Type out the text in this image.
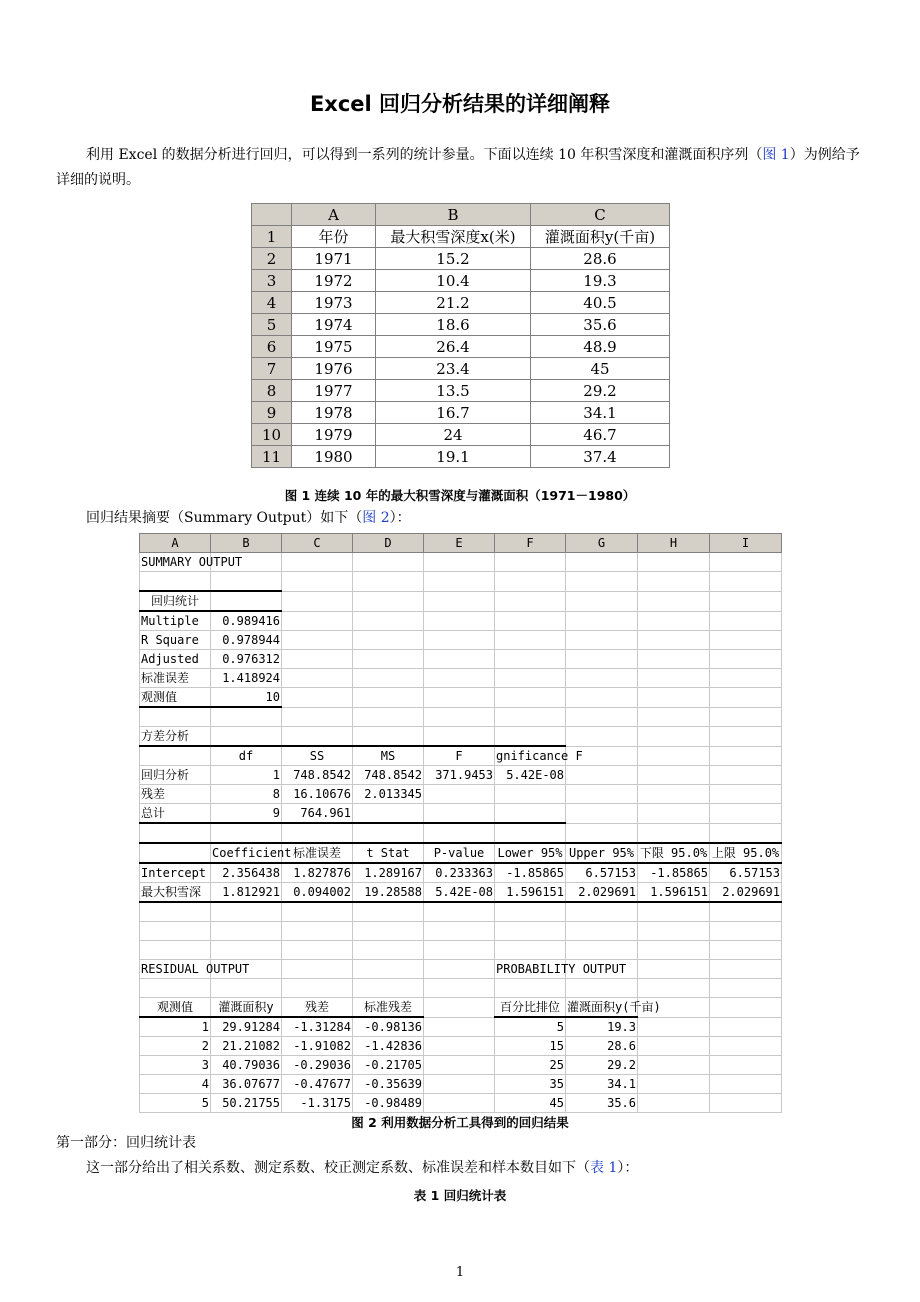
Excel 回归分析结果的详细阐释
利用 Excel 的数据分析进行回归，可以得到一系列的统计参量。下面以连续 10 年积雪深度和灌溉面积序列（图 1）为例给予详细的说明。
	A	B	C
1	年份	最大积雪深度x(米)	灌溉面积y(千亩)
2	1971	15.2	28.6
3	1972	10.4	19.3
4	1973	21.2	40.5
5	1974	18.6	35.6
6	1975	26.4	48.9
7	1976	23.4	45
8	1977	13.5	29.2
9	1978	16.7	34.1
10	1979	24	46.7
11	1980	19.1	37.4
图 1 连续 10 年的最大积雪深度与灌溉面积（1971－1980）
回归结果摘要（Summary Output）如下（图 2）：
A	B	C	D	E	F	G	H	I
SUMMARY OUTPUT								

回归统计								
Multiple	0.989416							
R Square	0.978944							
Adjusted	0.976312							
标准误差	1.418924							
观测值	10							

方差分析								
	df	SS	MS	F	gnificance F			
回归分析	1	748.8542	748.8542	371.9453	5.42E-08			
残差	8	16.10676	2.013345					
总计	9	764.961						

	Coefficient	标准误差	t Stat	P-value	Lower 95%	Upper 95%	下限 95.0%	上限 95.0%
Intercept	2.356438	1.827876	1.289167	0.233363	-1.85865	6.57153	-1.85865	6.57153
最大积雪深	1.812921	0.094002	19.28588	5.42E-08	1.596151	2.029691	1.596151	2.029691

RESIDUAL OUTPUT					PROBABILITY OUTPUT			

观测值	灌溉面积y	残差	标准残差		百分比排位	灌溉面积y(千亩)		
1	29.91284	-1.31284	-0.98136		5	19.3		
2	21.21082	-1.91082	-1.42836		15	28.6		
3	40.79036	-0.29036	-0.21705		25	29.2		
4	36.07677	-0.47677	-0.35639		35	34.1		
5	50.21755	-1.3175	-0.98489		45	35.6		
图 2 利用数据分析工具得到的回归结果
第一部分：回归统计表
这一部分给出了相关系数、测定系数、校正测定系数、标准误差和样本数目如下（表 1）：
表 1 回归统计表
1
